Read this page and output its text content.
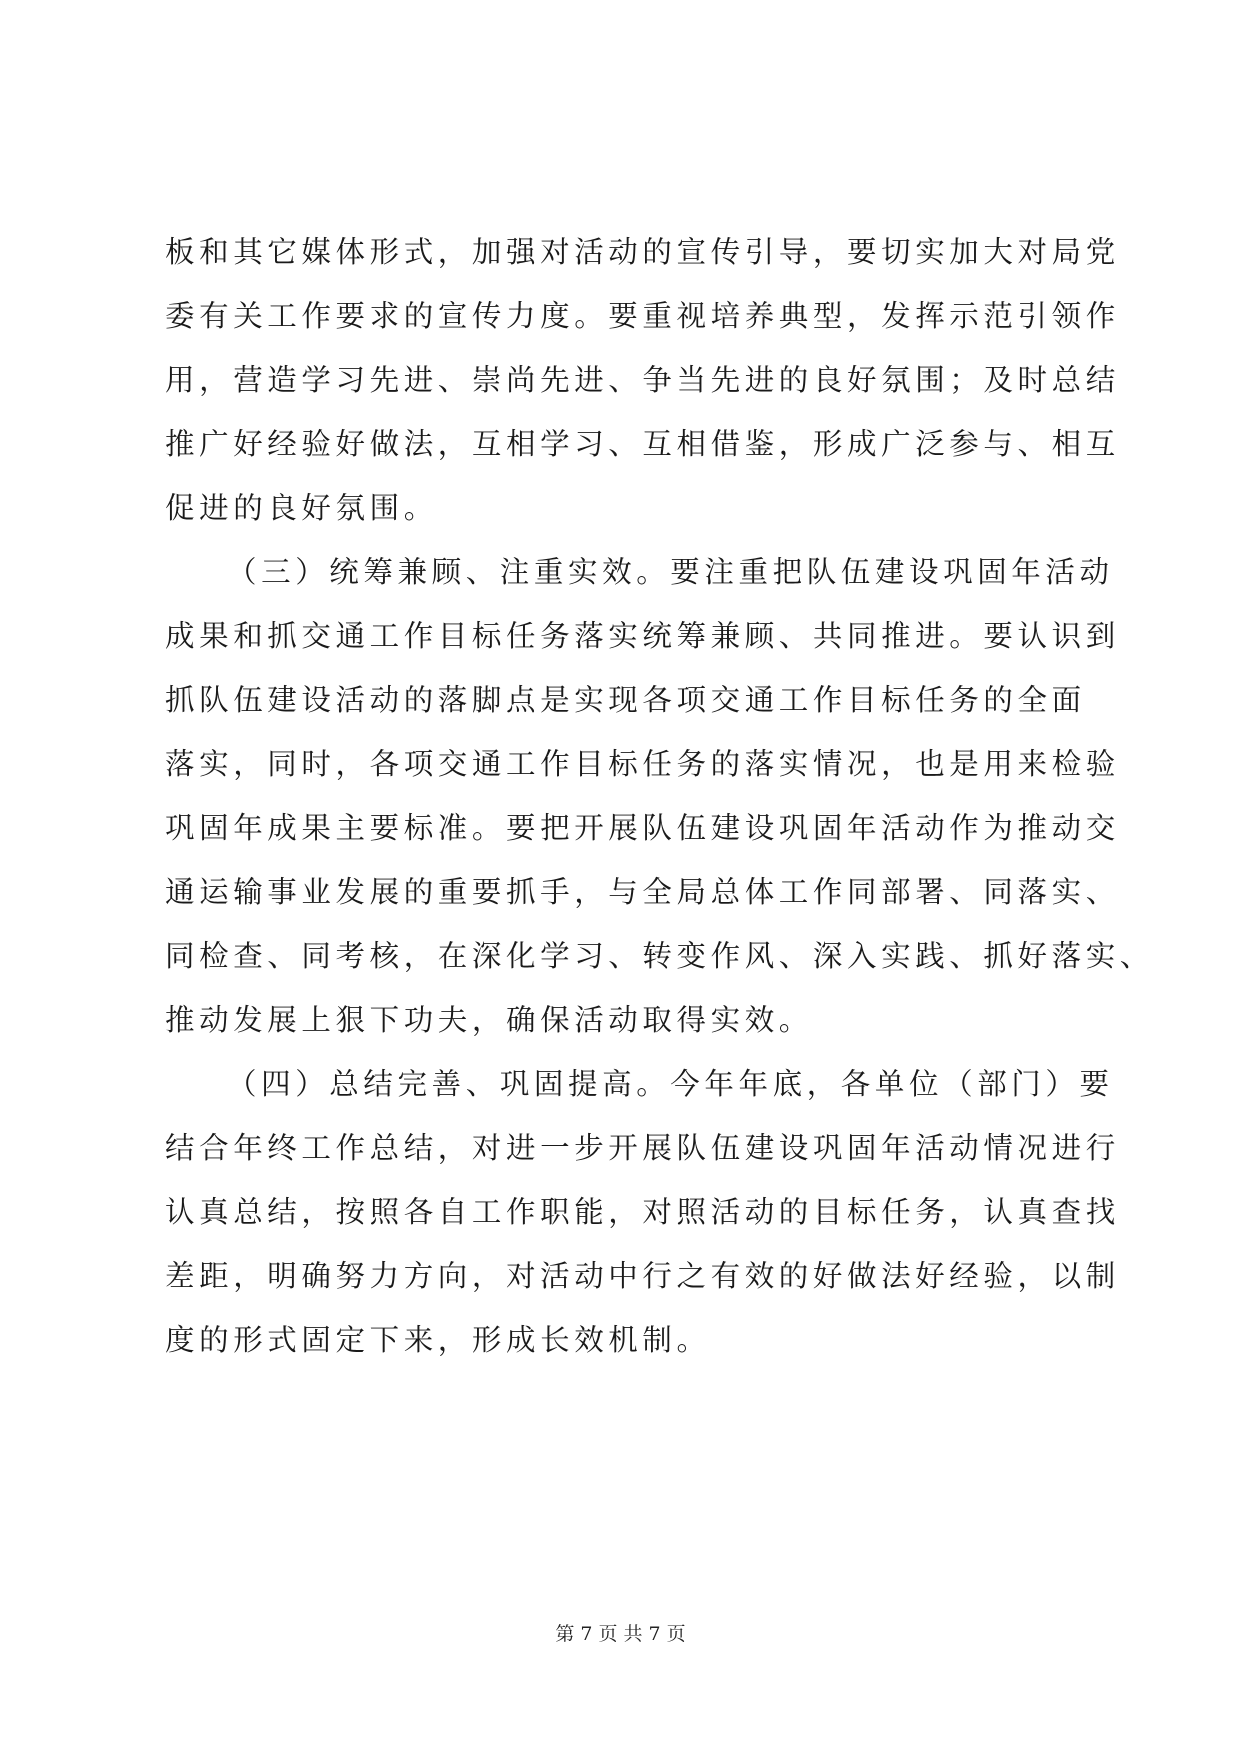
板和其它媒体形式，加强对活动的宣传引导，要切实加大对局党
委有关工作要求的宣传力度。要重视培养典型，发挥示范引领作
用，营造学习先进、崇尚先进、争当先进的良好氛围；及时总结
推广好经验好做法，互相学习、互相借鉴，形成广泛参与、相互
促进的良好氛围。
（三）统筹兼顾、注重实效。要注重把队伍建设巩固年活动
成果和抓交通工作目标任务落实统筹兼顾、共同推进。要认识到
抓队伍建设活动的落脚点是实现各项交通工作目标任务的全面
落实，同时，各项交通工作目标任务的落实情况，也是用来检验
巩固年成果主要标准。要把开展队伍建设巩固年活动作为推动交
通运输事业发展的重要抓手，与全局总体工作同部署、同落实、
同检查、同考核，在深化学习、转变作风、深入实践、抓好落实、
推动发展上狠下功夫，确保活动取得实效。
（四）总结完善、巩固提高。今年年底，各单位（部门）要
结合年终工作总结，对进一步开展队伍建设巩固年活动情况进行
认真总结，按照各自工作职能，对照活动的目标任务，认真查找
差距，明确努力方向，对活动中行之有效的好做法好经验，以制
度的形式固定下来，形成长效机制。
第 7 页 共 7 页
